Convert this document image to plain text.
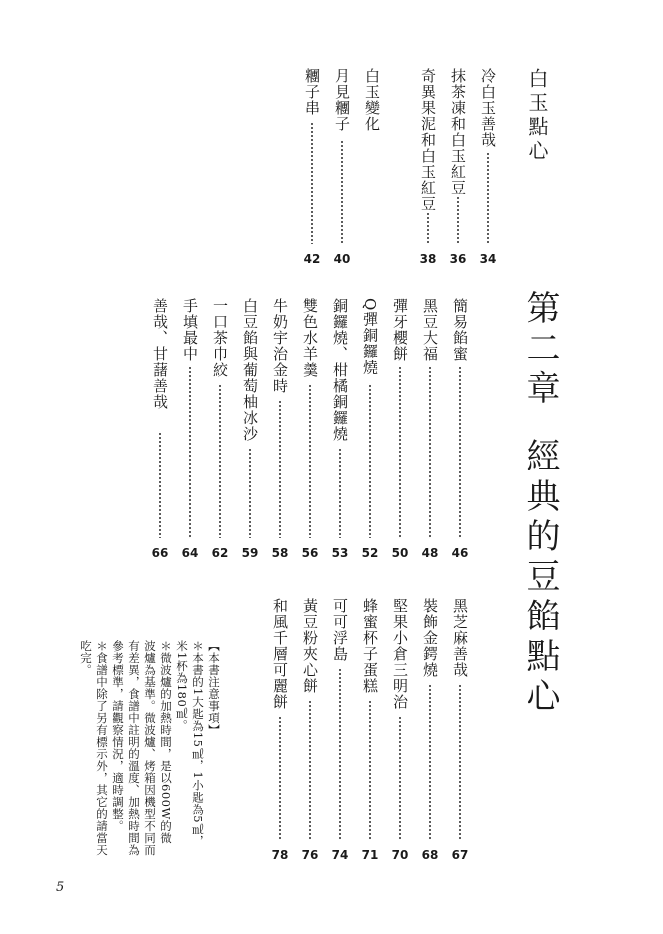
白玉點心
冷白玉善哉
34
抹茶凍和白玉紅豆
36
奇異果泥和白玉紅豆
38
白玉變化
月見糰子
40
糰子串
42
第二章經典的豆餡點心
簡易餡蜜
46
黑豆大福
48
彈牙櫻餅
50
Q彈銅鑼燒
52
銅鑼燒、柑橘銅鑼燒
53
雙色水羊羹
56
牛奶宇治金時
58
白豆餡與葡萄柚冰沙
59
一口茶巾絞
62
手填最中
64
善哉、甘藷善哉
66
黑芝麻善哉
67
裝飾金鍔燒
68
堅果小倉三明治
70
蜂蜜杯子蛋糕
71
可可浮島
74
黃豆粉夾心餅
76
和風千層可麗餅
78
【本書注意事項】
＊本書的1大匙為15㎖，1小匙為5㎖，
米1杯為180㎖。
＊微波爐的加熱時間，是以600W的微
波爐為基準。微波爐、烤箱因機型不同而
有差異，食譜中註明的溫度、加熱時間為
參考標準，請觀察情況，適時調整。
＊食譜中除了另有標示外，其它的請當天
吃完。
5
